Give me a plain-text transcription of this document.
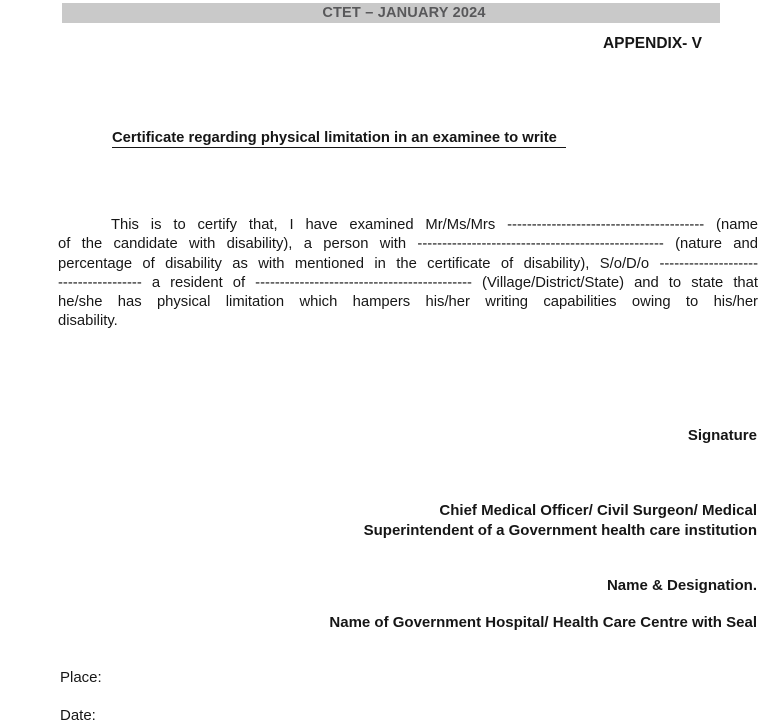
CTET – JANUARY 2024
APPENDIX- V
Certificate regarding physical limitation in an examinee to write
This is to certify that, I have examined Mr/Ms/Mrs ---------------------------------------- (name
of the candidate with disability), a person with -------------------------------------------------- (nature and
percentage of disability as with mentioned in the certificate of disability), S/o/D/o --------------------
----------------- a resident of -------------------------------------------- (Village/District/State) and to state that
he/she has physical limitation which hampers his/her writing capabilities owing to his/her
disability.
Signature
Chief Medical Officer/ Civil Surgeon/ Medical
Superintendent of a Government health care institution
Name & Designation.
Name of Government Hospital/ Health Care Centre with Seal
Place:
Date:
